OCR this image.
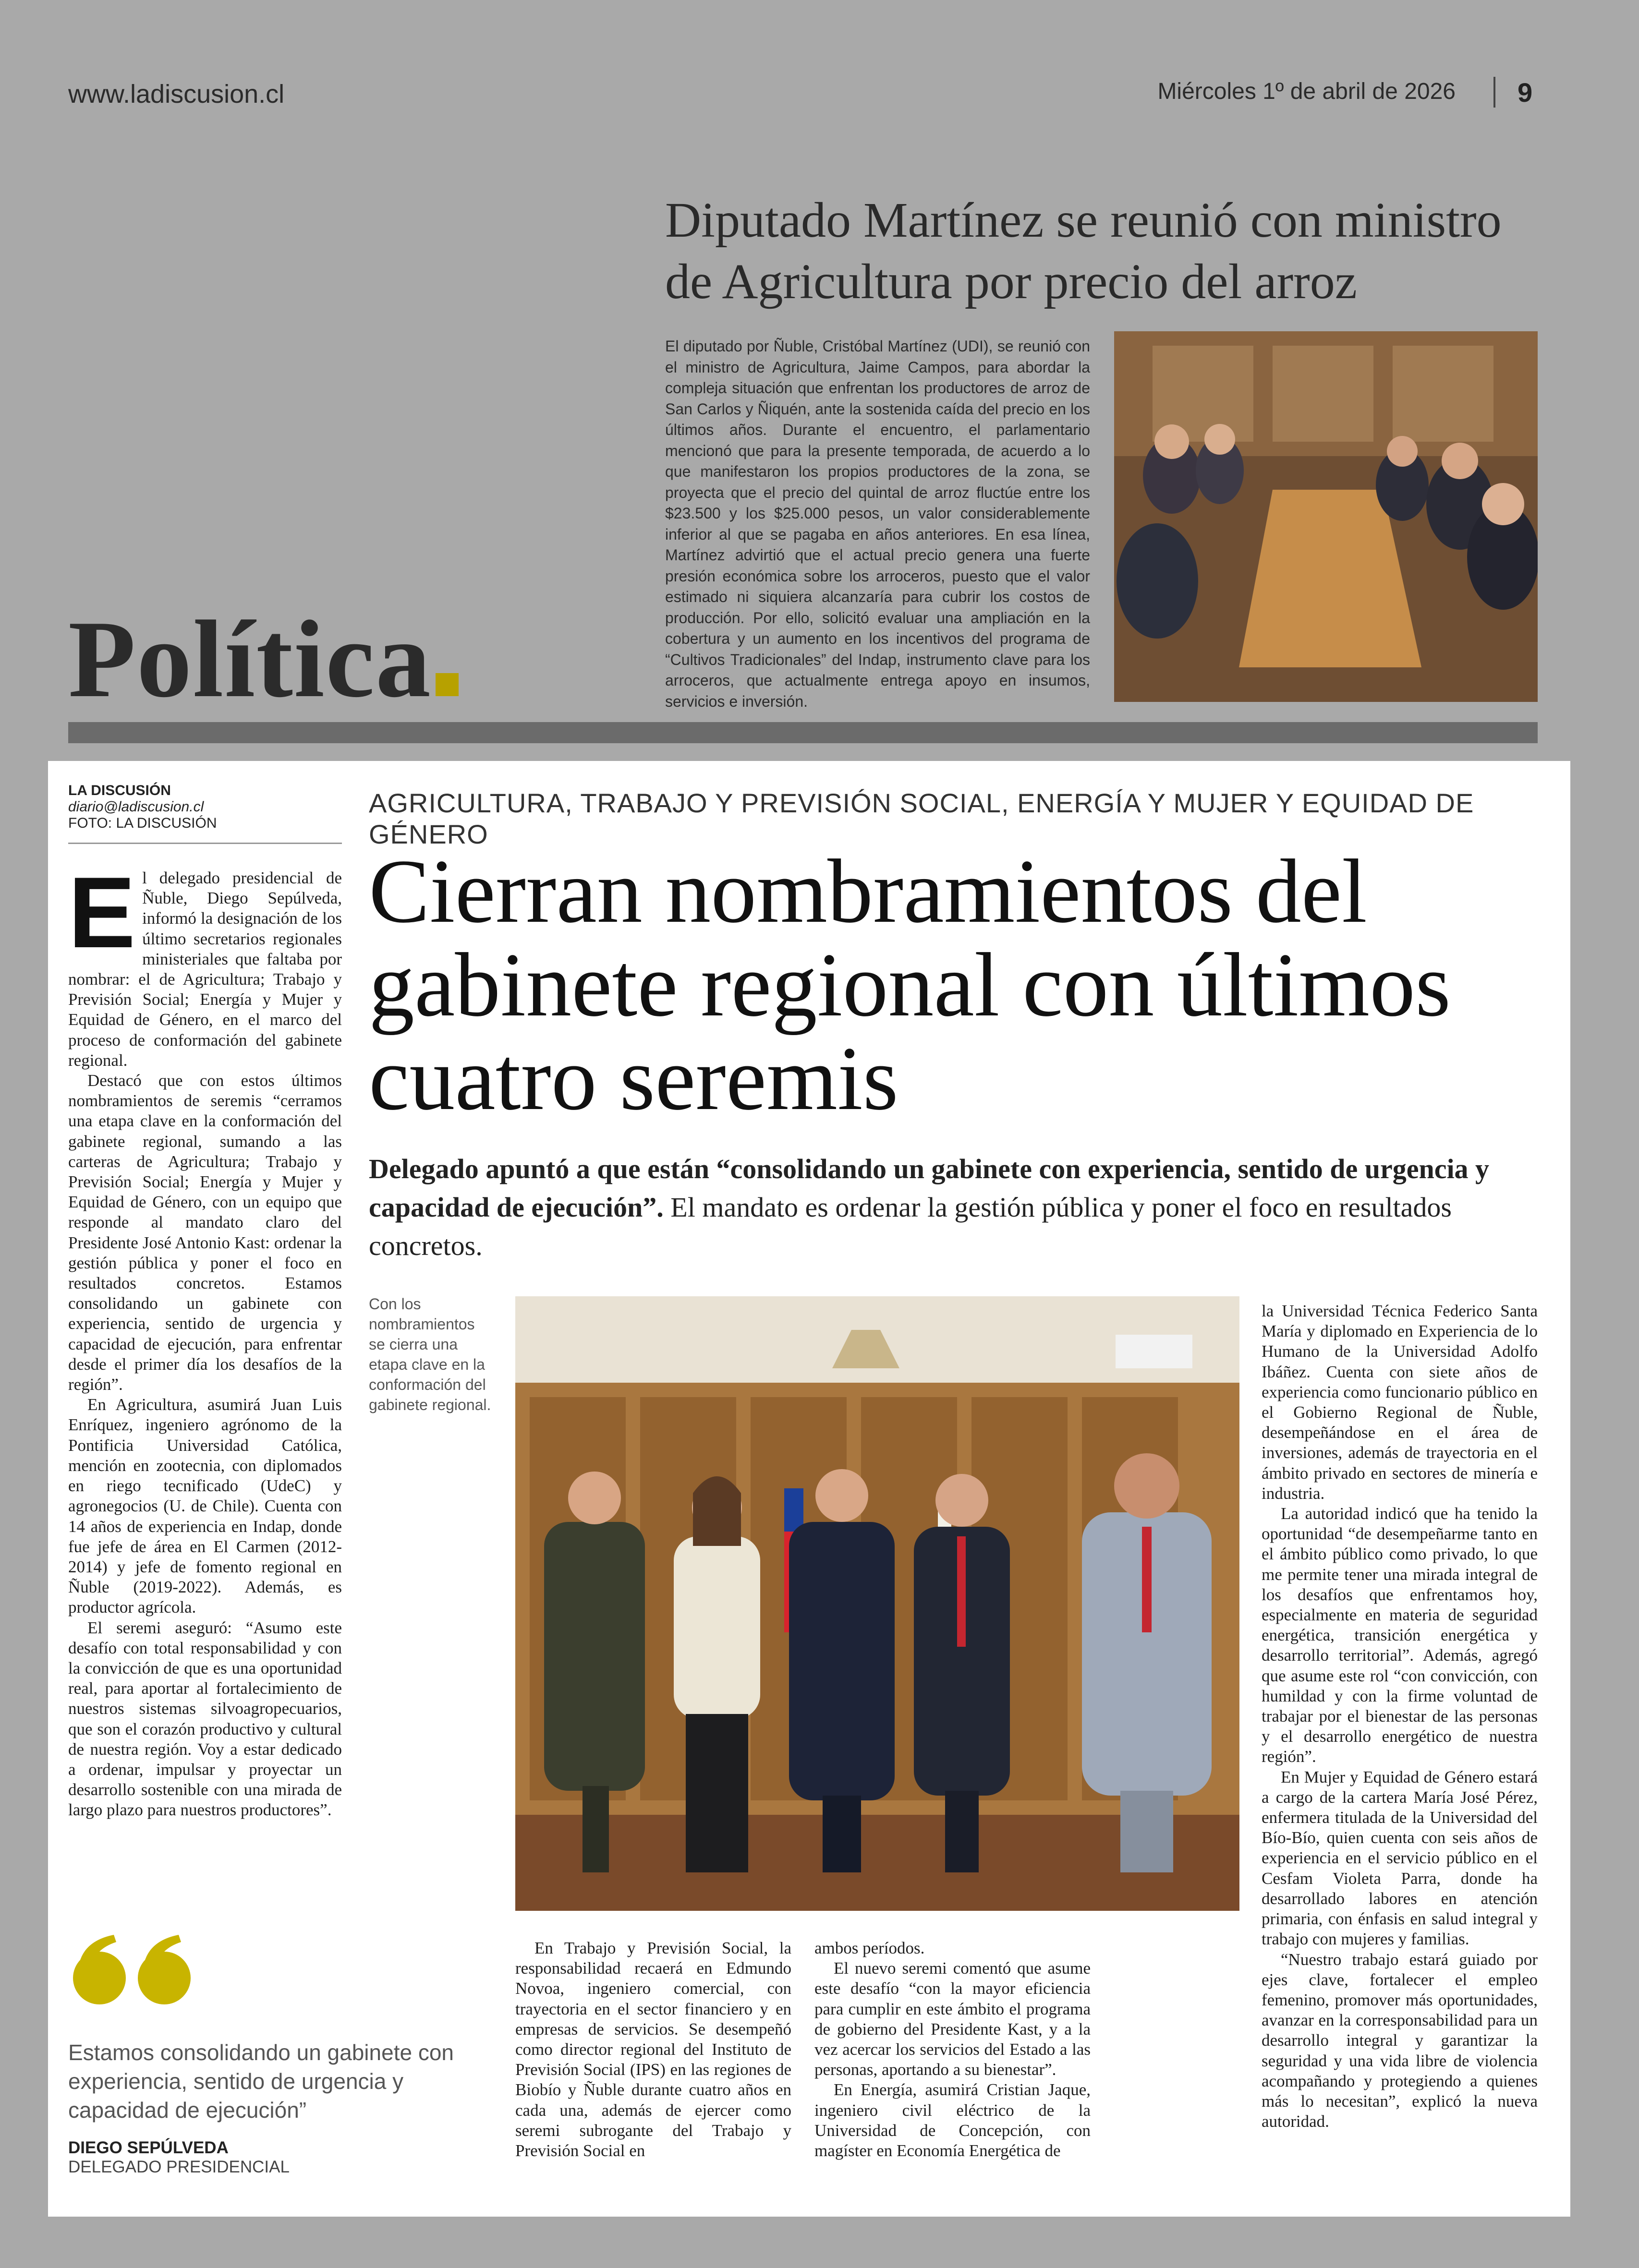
www.ladiscusion.cl	Miércoles 1º de abril de 2026 9
Diputado Martínez se reunió con ministro de Agricultura por precio del arroz
El diputado por Ñuble, Cristóbal Martínez (UDI), se reunió con el ministro de Agricultura, Jaime Campos, para abordar la compleja situación que enfrentan los productores de arroz de San Carlos y Ñiquén, ante la sostenida caída del precio en los últimos años. Durante el encuentro, el parlamentario mencionó que para la presente temporada, de acuerdo a lo que manifestaron los propios productores de la zona, se proyecta que el precio del quintal de arroz fluctúe entre los $23.500 y los $25.000 pesos, un valor considerablemente inferior al que se pagaba en años anteriores. En esa línea, Martínez advirtió que el actual precio genera una fuerte presión económica sobre los arroceros, puesto que el valor estimado ni siquiera alcanzaría para cubrir los costos de producción. Por ello, solicitó evaluar una ampliación en la cobertura y un aumento en los incentivos del programa de “Cultivos Tradicionales” del Indap, instrumento clave para los arroceros, que actualmente entrega apoyo en insumos, servicios e inversión.
Política
LA DISCUSIÓN
diario@ladiscusion.cl
FOTO: LA DISCUSIÓN
AGRICULTURA, TRABAJO Y PREVISIÓN SOCIAL, ENERGÍA Y MUJER Y EQUIDAD DE GÉNERO
Cierran nombramientos del gabinete regional con últimos cuatro seremis
Delegado apuntó a que están “consolidando un gabinete con experiencia, sentido de urgencia y capacidad de ejecución”. El mandato es ordenar la gestión pública y poner el foco en resultados concretos.

El delegado presidencial de Ñuble, Diego Sepúlveda, informó la designación de los último secretarios regionales ministeriales que faltaba por nombrar: el de Agricultura; Trabajo y Previsión Social; Energía y Mujer y Equidad de Género, en el marco del proceso de conformación del gabinete regional.

Destacó que con estos últimos nombramientos de seremis “cerramos una etapa clave en la conformación del gabinete regional, sumando a las carteras de Agricultura; Trabajo y Previsión Social; Energía y Mujer y Equidad de Género, con un equipo que responde al mandato claro del Presidente José Antonio Kast: ordenar la gestión pública y poner el foco en resultados concretos. Estamos consolidando un gabinete con experiencia, sentido de urgencia y capacidad de ejecución, para enfrentar desde el primer día los desafíos de la región”.

En Agricultura, asumirá Juan Luis Enríquez, ingeniero agrónomo de la Pontificia Universidad Católica, mención en zootecnia, con diplomados en riego tecnificado (UdeC) y agronegocios (U. de Chile). Cuenta con 14 años de experiencia en Indap, donde fue jefe de área en El Carmen (2012-2014) y jefe de fomento regional en Ñuble (2019-2022). Además, es productor agrícola.

El seremi aseguró: “Asumo este desafío con total responsabilidad y con la convicción de que es una oportunidad real, para aportar al fortalecimiento de nuestros sistemas silvoagropecuarios, que son el corazón productivo y cultural de nuestra región. Voy a estar dedicado a ordenar, impulsar y proyectar un desarrollo sostenible con una mirada de largo plazo para nuestros productores”.

Con los nombramientos se cierra una etapa clave en la conformación del gabinete regional.

En Trabajo y Previsión Social, la responsabilidad recaerá en Edmundo Novoa, ingeniero comercial, con trayectoria en el sector financiero y en empresas de servicios. Se desempeñó como director regional del Instituto de Previsión Social (IPS) en las regiones de Biobío y Ñuble durante cuatro años en cada una, además de ejercer como seremi subrogante del Trabajo y Previsión Social en

ambos períodos.

El nuevo seremi comentó que asume este desafío “con la mayor eficiencia para cumplir en este ámbito el programa de gobierno del Presidente Kast, y a la vez acercar los servicios del Estado a las personas, aportando a su bienestar”.

En Energía, asumirá Cristian Jaque, ingeniero civil eléctrico de la Universidad de Concepción, con magíster en Economía Energética de

la Universidad Técnica Federico Santa María y diplomado en Experiencia de lo Humano de la Universidad Adolfo Ibáñez. Cuenta con siete años de experiencia como funcionario público en el Gobierno Regional de Ñuble, desempeñándose en el área de inversiones, además de trayectoria en el ámbito privado en sectores de minería e industria.

La autoridad indicó que ha tenido la oportunidad “de desempeñarme tanto en el ámbito público como privado, lo que me permite tener una mirada integral de los desafíos que enfrentamos hoy, especialmente en materia de seguridad energética, transición energética y desarrollo territorial”. Además, agregó que asume este rol “con convicción, con humildad y con la firme voluntad de trabajar por el bienestar de las personas y el desarrollo energético de nuestra región”.

En Mujer y Equidad de Género estará a cargo de la cartera María José Pérez, enfermera titulada de la Universidad del Bío-Bío, quien cuenta con seis años de experiencia en el servicio público en el Cesfam Violeta Parra, donde ha desarrollado labores en atención primaria, con énfasis en salud integral y trabajo con mujeres y familias.

“Nuestro trabajo estará guiado por ejes clave, fortalecer el empleo femenino, promover más oportunidades, avanzar en la corresponsabilidad para un desarrollo integral y garantizar la seguridad y una vida libre de violencia acompañando y protegiendo a quienes más lo necesitan”, explicó la nueva autoridad.

Estamos consolidando un gabinete con experiencia, sentido de urgencia y capacidad de ejecución”
DIEGO SEPÚLVEDA
DELEGADO PRESIDENCIAL
